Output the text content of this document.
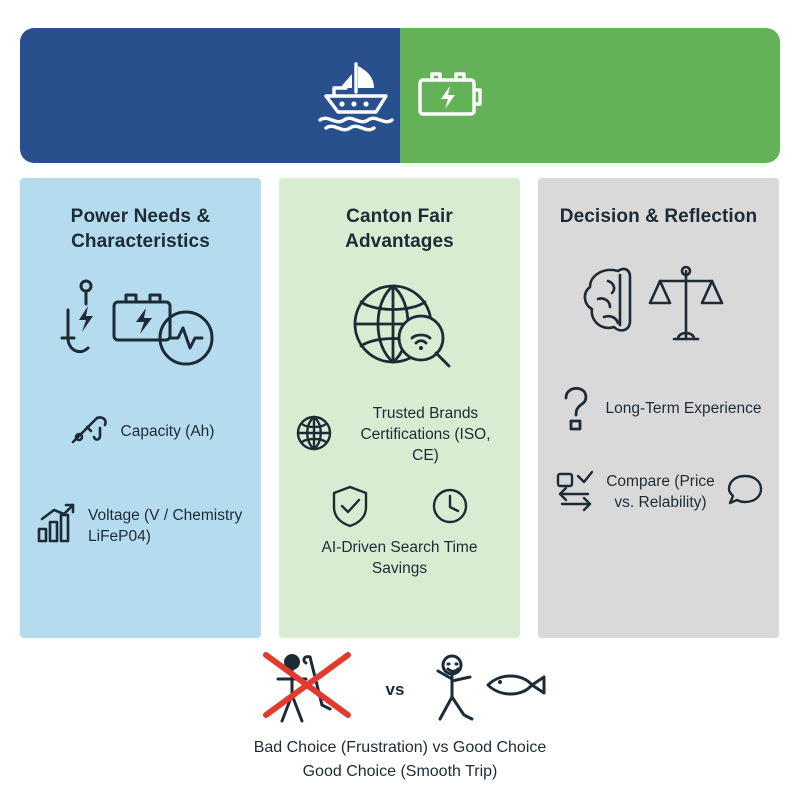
Power Needs & Characteristics
Capacity (Ah)
Voltage (V / Chemistry LiFeP04)
Canton Fair Advantages
Trusted Brands Certifications (ISO, CE)
AI-Driven Search Time Savings
Decision & Reflection
Long-Term Experience
Compare (Price vs. Relability)
vs
Bad Choice (Frustration) vs Good Choice
Good Choice (Smooth Trip)
